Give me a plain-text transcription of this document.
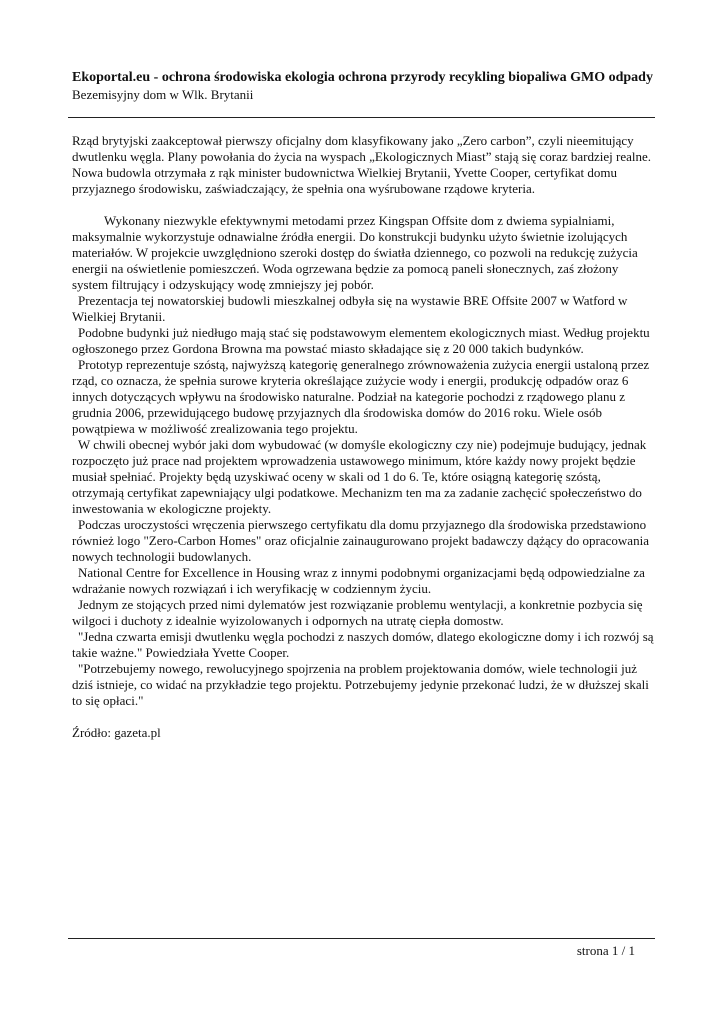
Ekoportal.eu - ochrona środowiska ekologia ochrona przyrody recykling biopaliwa GMO odpady
Bezemisyjny dom w Wlk. Brytanii

Rząd brytyjski zaakceptował pierwszy oficjalny dom klasyfikowany jako „Zero carbon”, czyli nieemitujący dwutlenku węgla. Plany powołania do życia na wyspach „Ekologicznych Miast” stają się coraz bardziej realne. Nowa budowla otrzymała z rąk minister budownictwa Wielkiej Brytanii, Yvette Cooper, certyfikat domu przyjaznego środowisku, zaświadczający, że spełnia ona wyśrubowane rządowe kryteria.

Wykonany niezwykle efektywnymi metodami przez Kingspan Offsite dom z dwiema sypialniami, maksymalnie wykorzystuje odnawialne źródła energii. Do konstrukcji budynku użyto świetnie izolujących materiałów. W projekcie uwzględniono szeroki dostęp do światła dziennego, co pozwoli na redukcję zużycia energii na oświetlenie pomieszczeń. Woda ogrzewana będzie za pomocą paneli słonecznych, zaś złożony system filtrujący i odzyskujący wodę zmniejszy jej pobór.

Prezentacja tej nowatorskiej budowli mieszkalnej odbyła się na wystawie BRE Offsite 2007 w Watford w Wielkiej Brytanii.

Podobne budynki już niedługo mają stać się podstawowym elementem ekologicznych miast. Według projektu ogłoszonego przez Gordona Browna ma powstać miasto składające się z 20 000 takich budynków.

Prototyp reprezentuje szóstą, najwyższą kategorię generalnego zrównoważenia zużycia energii ustaloną przez rząd, co oznacza, że spełnia surowe kryteria określające zużycie wody i energii, produkcję odpadów oraz 6 innych dotyczących wpływu na środowisko naturalne. Podział na kategorie pochodzi z rządowego planu z grudnia 2006, przewidującego budowę przyjaznych dla środowiska domów do 2016 roku. Wiele osób powątpiewa w możliwość zrealizowania tego projektu.

W chwili obecnej wybór jaki dom wybudować (w domyśle ekologiczny czy nie) podejmuje budujący, jednak rozpoczęto już prace nad projektem wprowadzenia ustawowego minimum, które każdy nowy projekt będzie musiał spełniać. Projekty będą uzyskiwać oceny w skali od 1 do 6. Te, które osiągną kategorię szóstą, otrzymają certyfikat zapewniający ulgi podatkowe. Mechanizm ten ma za zadanie zachęcić społeczeństwo do inwestowania w ekologiczne projekty.

Podczas uroczystości wręczenia pierwszego certyfikatu dla domu przyjaznego dla środowiska przedstawiono również logo "Zero-Carbon Homes" oraz oficjalnie zainaugurowano projekt badawczy dążący do opracowania nowych technologii budowlanych.

National Centre for Excellence in Housing wraz z innymi podobnymi organizacjami będą odpowiedzialne za wdrażanie nowych rozwiązań i ich weryfikację w codziennym życiu.

Jednym ze stojących przed nimi dylematów jest rozwiązanie problemu wentylacji, a konkretnie pozbycia się wilgoci i duchoty z idealnie wyizolowanych i odpornych na utratę ciepła domostw.

"Jedna czwarta emisji dwutlenku węgla pochodzi z naszych domów, dlatego ekologiczne domy i ich rozwój są takie ważne." Powiedziała Yvette Cooper.

"Potrzebujemy nowego, rewolucyjnego spojrzenia na problem projektowania domów, wiele technologii już dziś istnieje, co widać na przykładzie tego projektu. Potrzebujemy jedynie przekonać ludzi, że w dłuższej skali to się opłaci."

Źródło: gazeta.pl

strona 1 / 1
